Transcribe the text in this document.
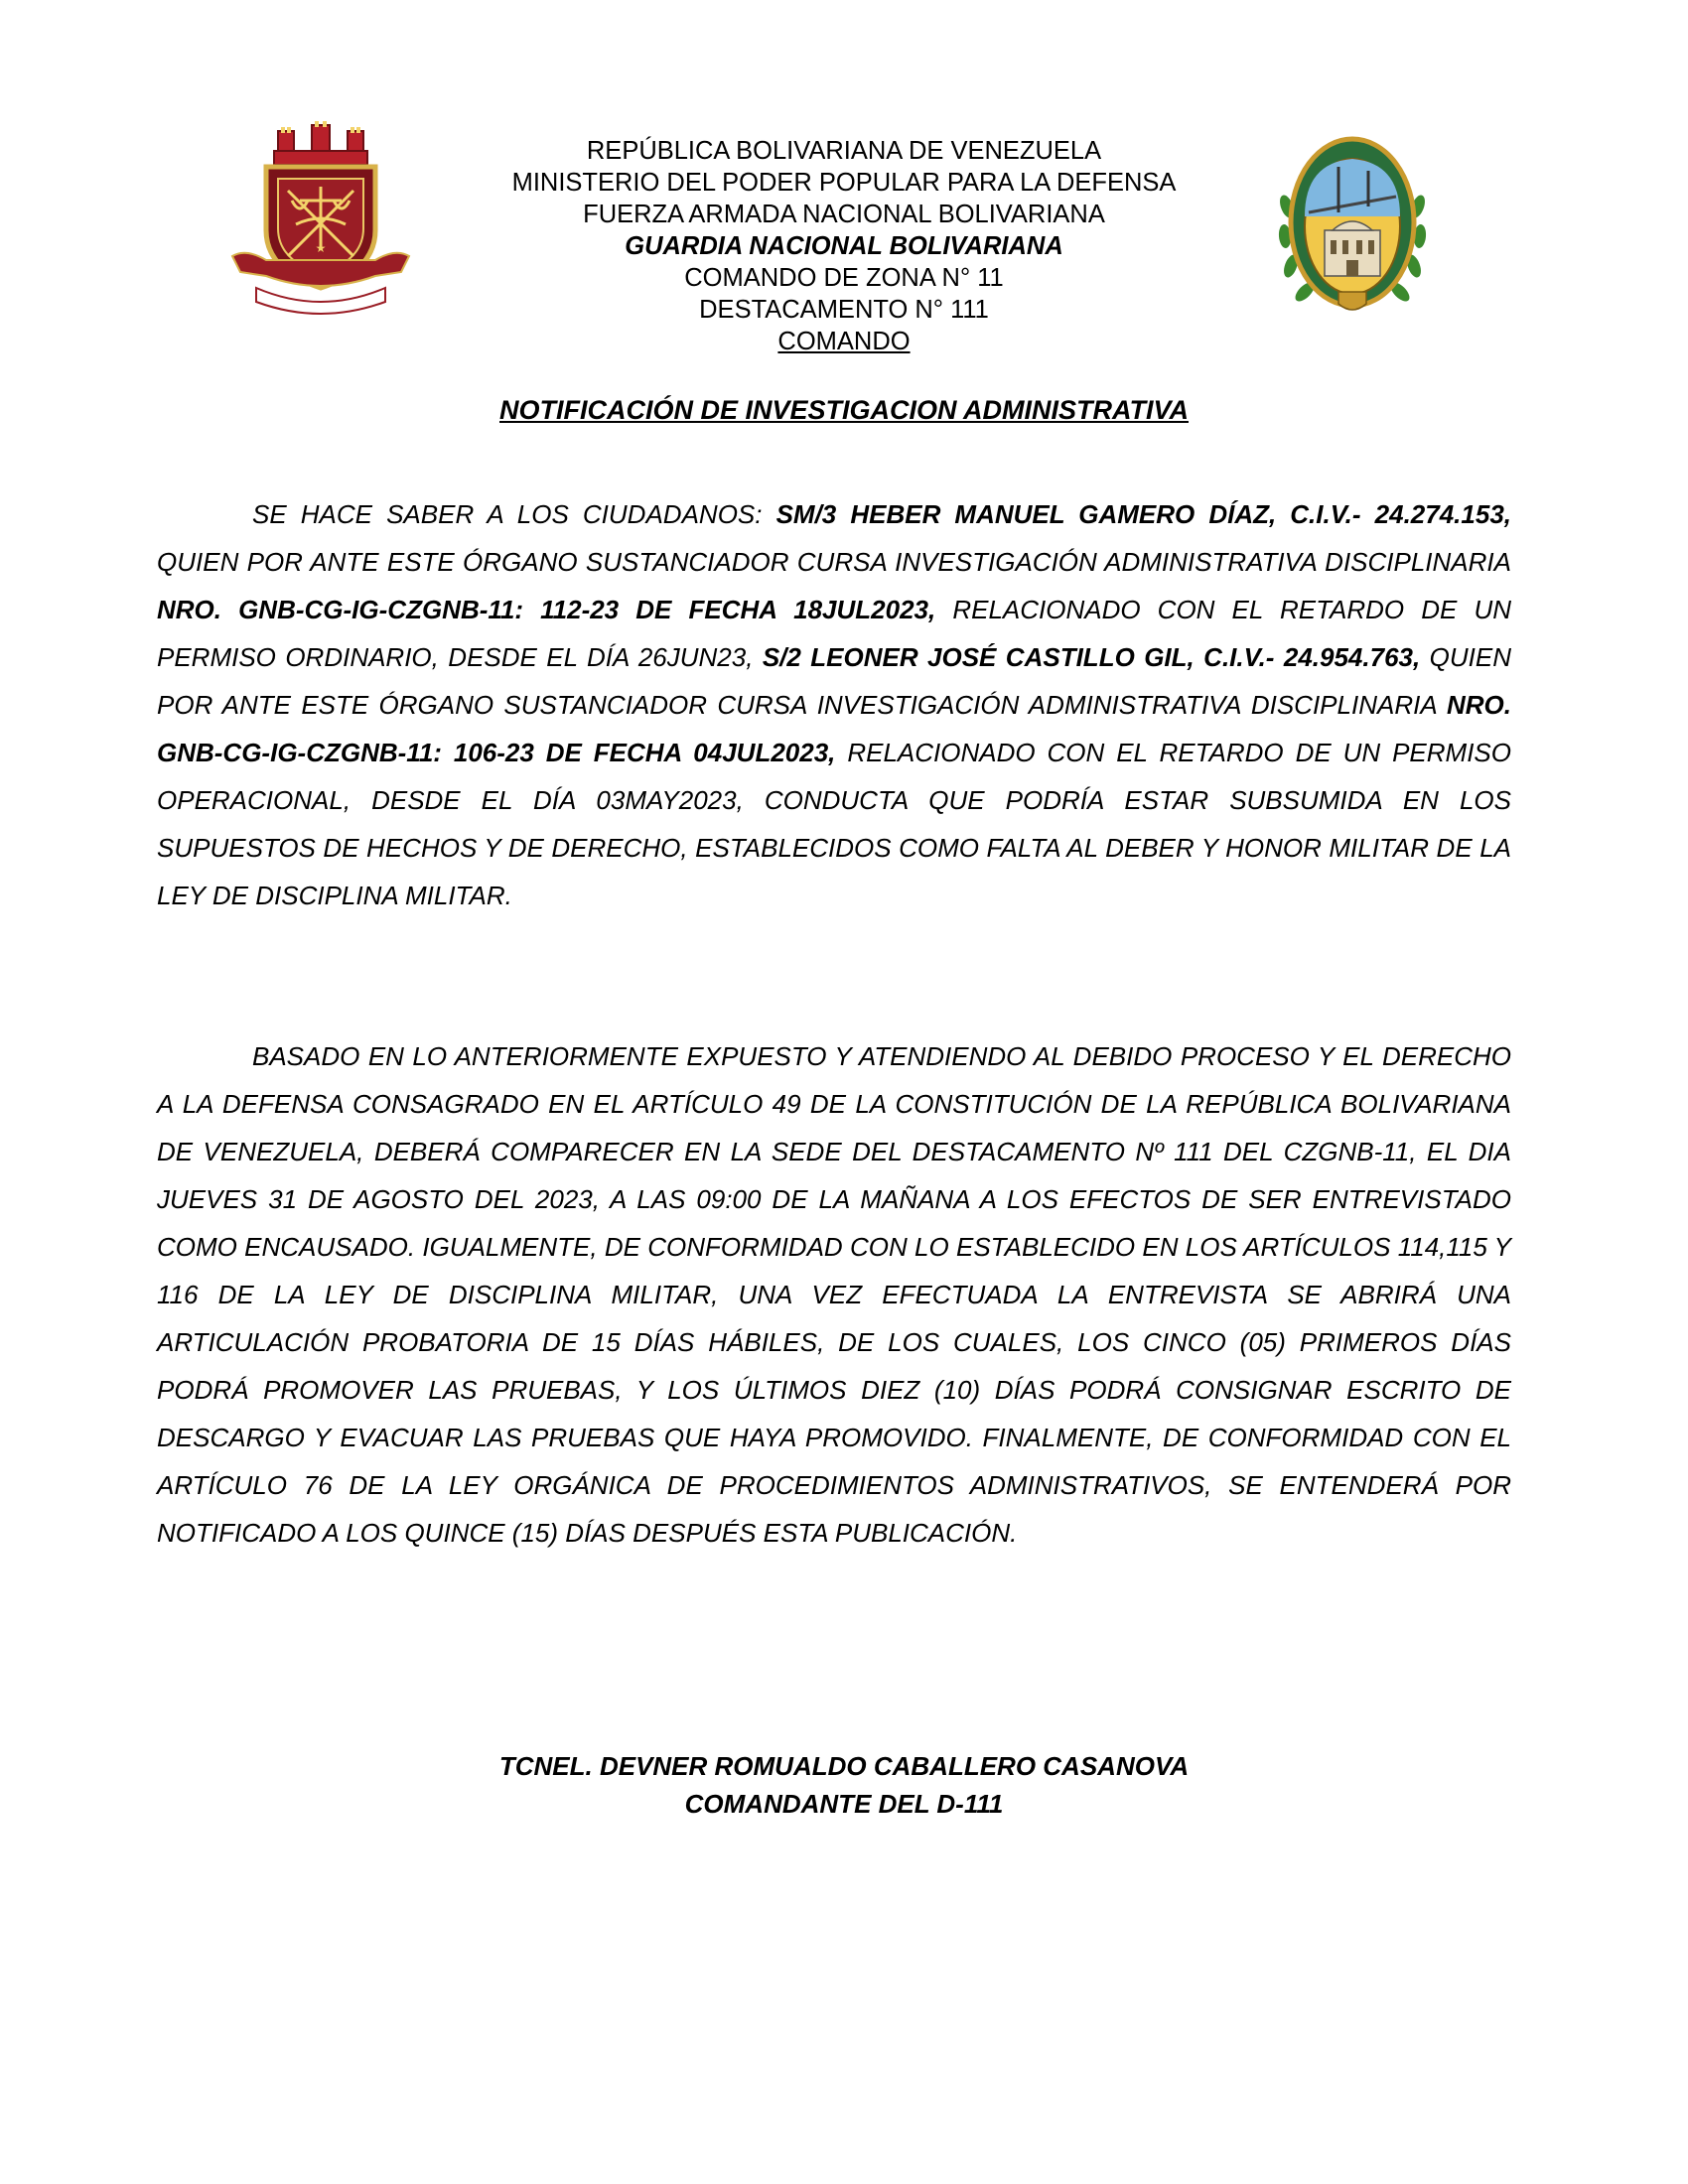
★
REPÚBLICA BOLIVARIANA DE VENEZUELA
MINISTERIO DEL PODER POPULAR PARA LA DEFENSA
FUERZA ARMADA NACIONAL BOLIVARIANA
GUARDIA NACIONAL BOLIVARIANA
COMANDO DE ZONA N° 11
DESTACAMENTO N° 111
COMANDO
NOTIFICACIÓN DE INVESTIGACION ADMINISTRATIVA
SE HACE SABER A LOS CIUDADANOS: SM/3 HEBER MANUEL GAMERO DÍAZ, C.I.V.- 24.274.153, QUIEN POR ANTE ESTE ÓRGANO SUSTANCIADOR CURSA INVESTIGACIÓN ADMINISTRATIVA DISCIPLINARIA NRO. GNB-CG-IG-CZGNB-11: 112-23 DE FECHA 18JUL2023, RELACIONADO CON EL RETARDO DE UN PERMISO ORDINARIO, DESDE EL DÍA 26JUN23, S/2 LEONER JOSÉ CASTILLO GIL, C.I.V.- 24.954.763, QUIEN POR ANTE ESTE ÓRGANO SUSTANCIADOR CURSA INVESTIGACIÓN ADMINISTRATIVA DISCIPLINARIA NRO. GNB-CG-IG-CZGNB-11: 106-23 DE FECHA 04JUL2023, RELACIONADO CON EL RETARDO DE UN PERMISO OPERACIONAL, DESDE EL DÍA 03MAY2023, CONDUCTA QUE PODRÍA ESTAR SUBSUMIDA EN LOS SUPUESTOS DE HECHOS Y DE DERECHO, ESTABLECIDOS COMO FALTA AL DEBER Y HONOR MILITAR DE LA LEY DE DISCIPLINA MILITAR.
BASADO EN LO ANTERIORMENTE EXPUESTO Y ATENDIENDO AL DEBIDO PROCESO Y EL DERECHO A LA DEFENSA CONSAGRADO EN EL ARTÍCULO 49 DE LA CONSTITUCIÓN DE LA REPÚBLICA BOLIVARIANA DE VENEZUELA, DEBERÁ COMPARECER EN LA SEDE DEL DESTACAMENTO Nº 111 DEL CZGNB-11, EL DIA JUEVES 31 DE AGOSTO DEL 2023, A LAS 09:00 DE LA MAÑANA A LOS EFECTOS DE SER ENTREVISTADO COMO ENCAUSADO. IGUALMENTE, DE CONFORMIDAD CON LO ESTABLECIDO EN LOS ARTÍCULOS 114,115 Y 116 DE LA LEY DE DISCIPLINA MILITAR, UNA VEZ EFECTUADA LA ENTREVISTA SE ABRIRÁ UNA ARTICULACIÓN PROBATORIA DE 15 DÍAS HÁBILES, DE LOS CUALES, LOS CINCO (05) PRIMEROS DÍAS PODRÁ PROMOVER LAS PRUEBAS, Y LOS ÚLTIMOS DIEZ (10) DÍAS PODRÁ CONSIGNAR ESCRITO DE DESCARGO Y EVACUAR LAS PRUEBAS QUE HAYA PROMOVIDO. FINALMENTE, DE CONFORMIDAD CON EL ARTÍCULO 76 DE LA LEY ORGÁNICA DE PROCEDIMIENTOS ADMINISTRATIVOS, SE ENTENDERÁ POR NOTIFICADO A LOS QUINCE (15) DÍAS DESPUÉS ESTA PUBLICACIÓN.
TCNEL. DEVNER ROMUALDO CABALLERO CASANOVA
COMANDANTE DEL D-111
